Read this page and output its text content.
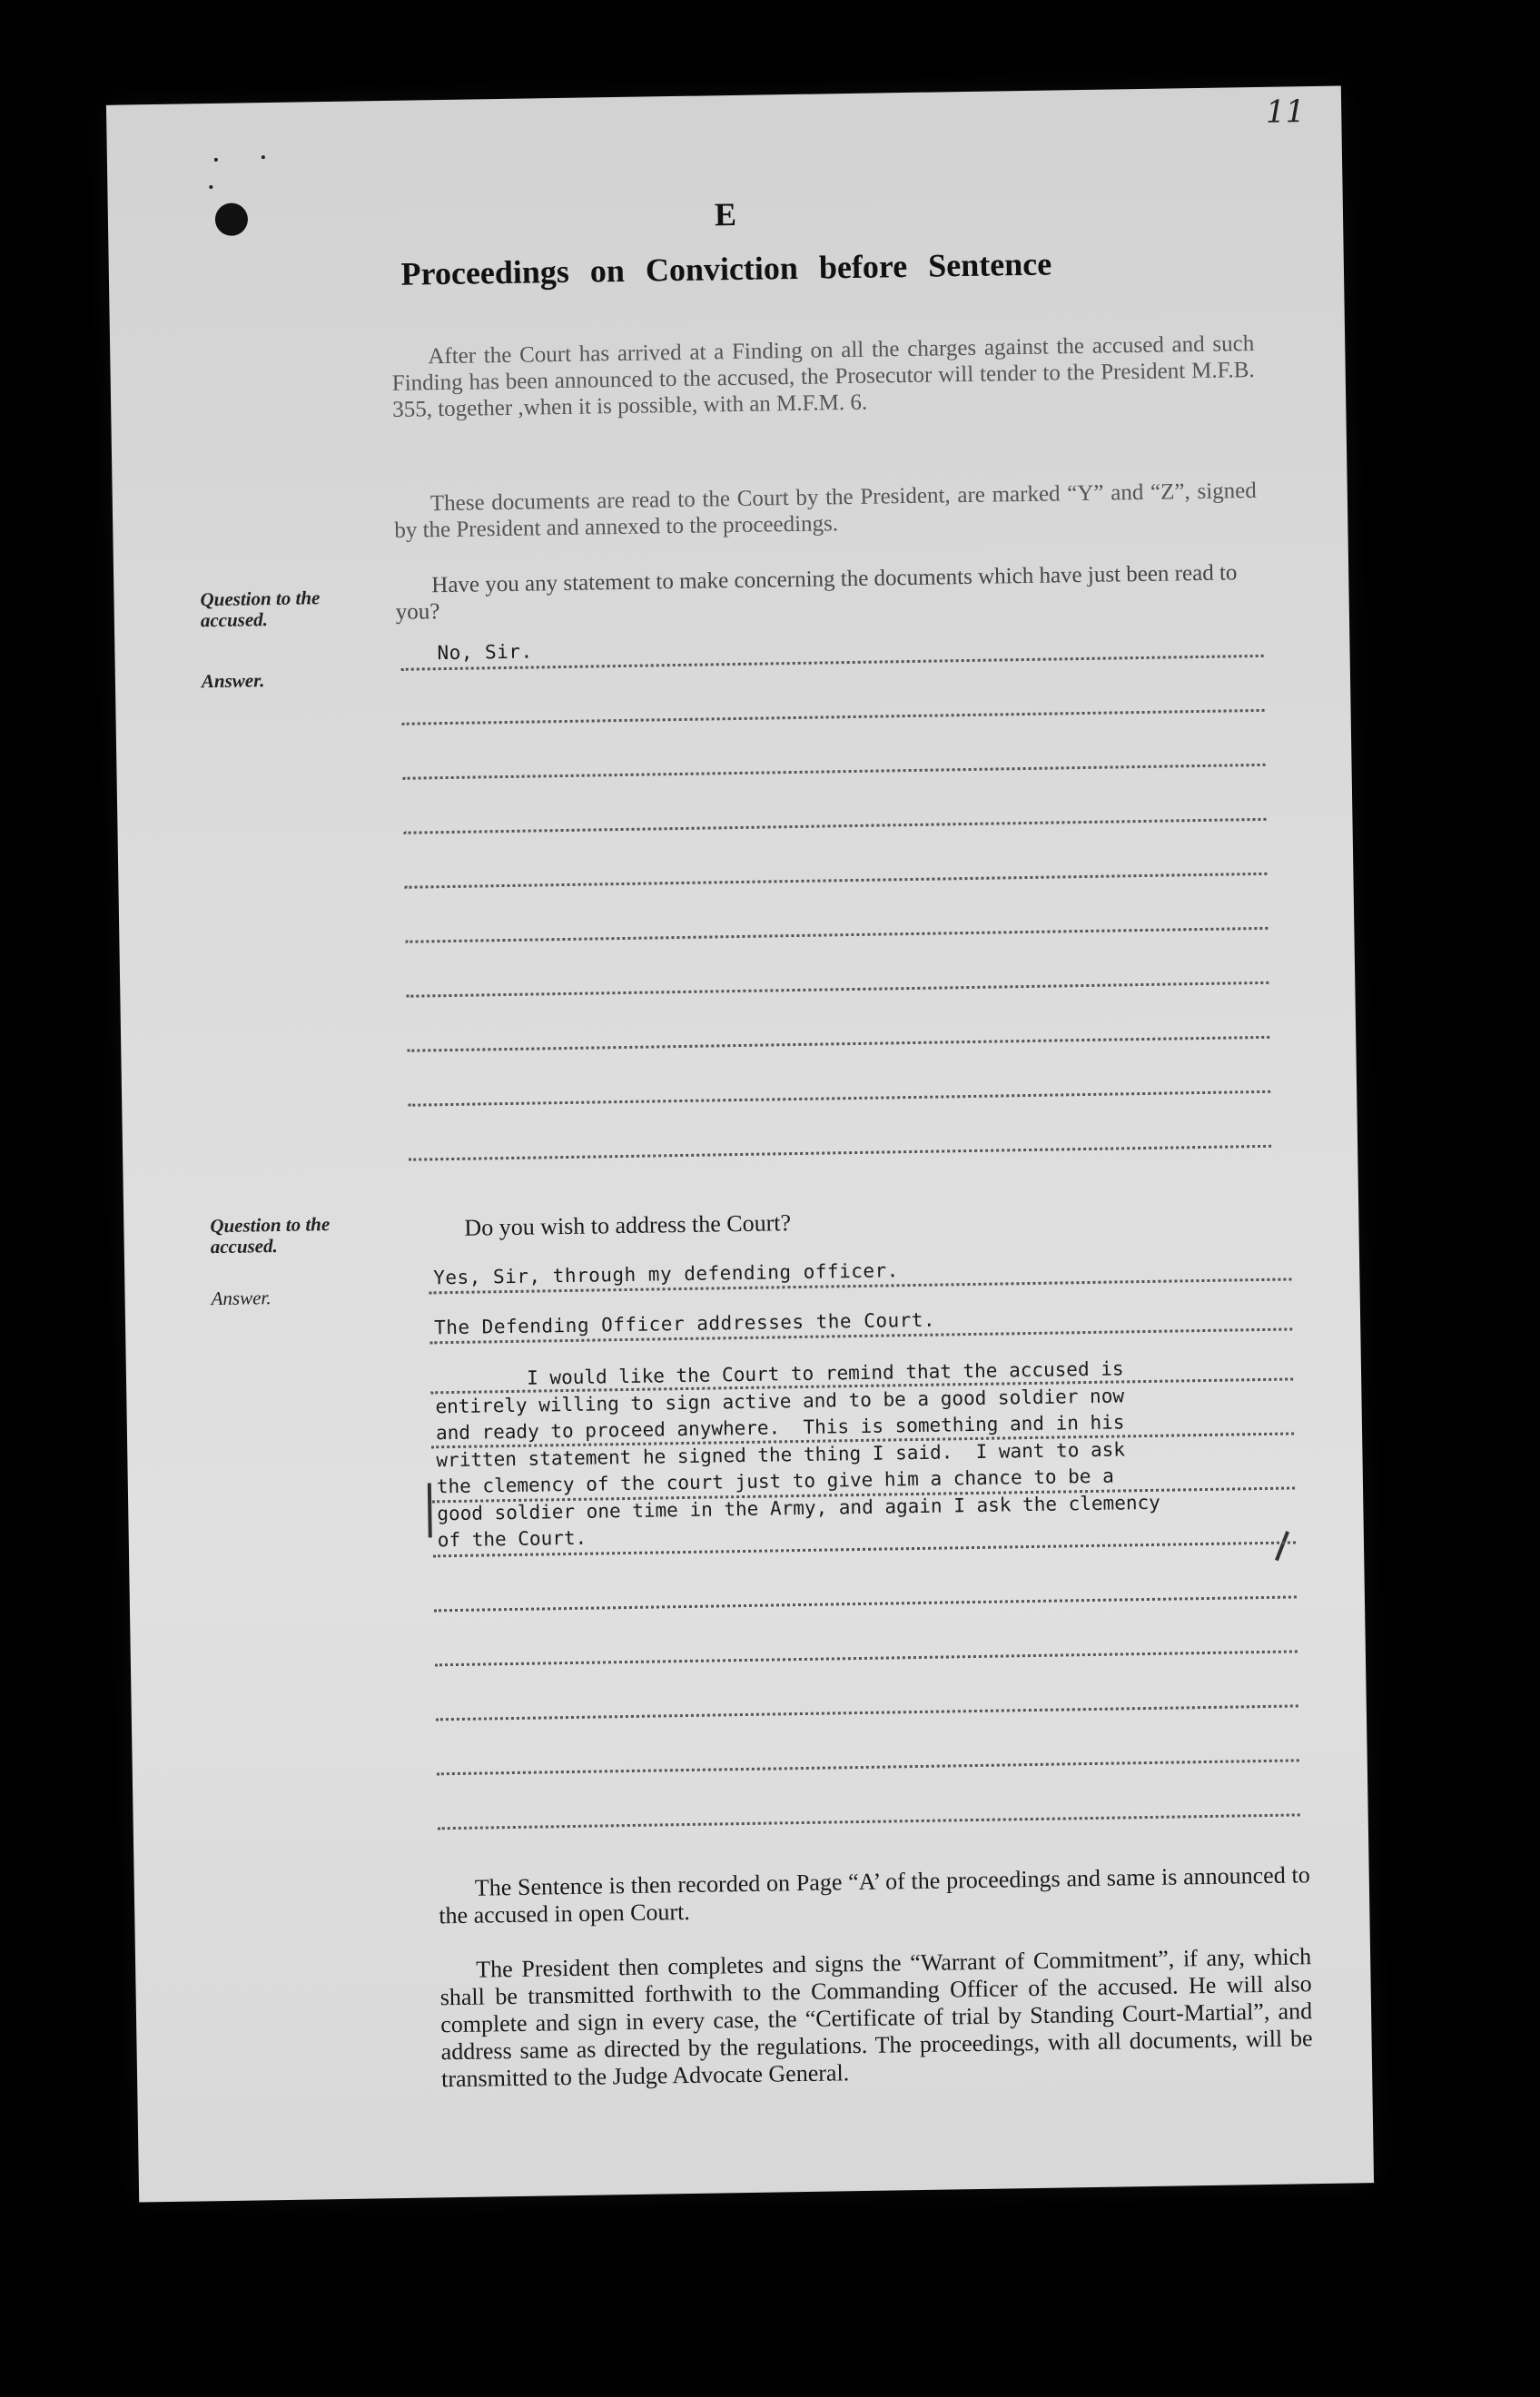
11
E
Proceedings on Conviction before Sentence
After the Court has arrived at a Finding on all the charges against the accused and such Finding has been announced to the accused, the Prosecutor will tender to the President M.F.B. 355, together ,when it is possible, with an M.F.M. 6.
These documents are read to the Court by the President, are marked “Y” and “Z”, signed by the President and annexed to the proceedings.
Question to the accused.
Have you any statement to make concerning the documents which have just been read to you?
Answer.
No, Sir.
Question to the accused.
Do you wish to address the Court?
Answer.
Yes, Sir, through my defending officer.
The Defending Officer addresses the Court.
I would like the Court to remind that the accused is
entirely willing to sign active and to be a good soldier now
and ready to proceed anywhere.  This is something and in his
written statement he signed the thing I said.  I want to ask
the clemency of the court just to give him a chance to be a
good soldier one time in the Army, and again I ask the clemency
of the Court.
The Sentence is then recorded on Page “A’ of the proceedings and same is announced to the accused in open Court.
The President then completes and signs the “Warrant of Commitment”, if any, which shall be transmitted forthwith to the Commanding Officer of the accused. He will also complete and sign in every case, the “Certificate of trial by Standing Court-Martial”, and address same as directed by the regulations. The proceedings, with all documents, will be transmitted to the Judge Advocate General.
